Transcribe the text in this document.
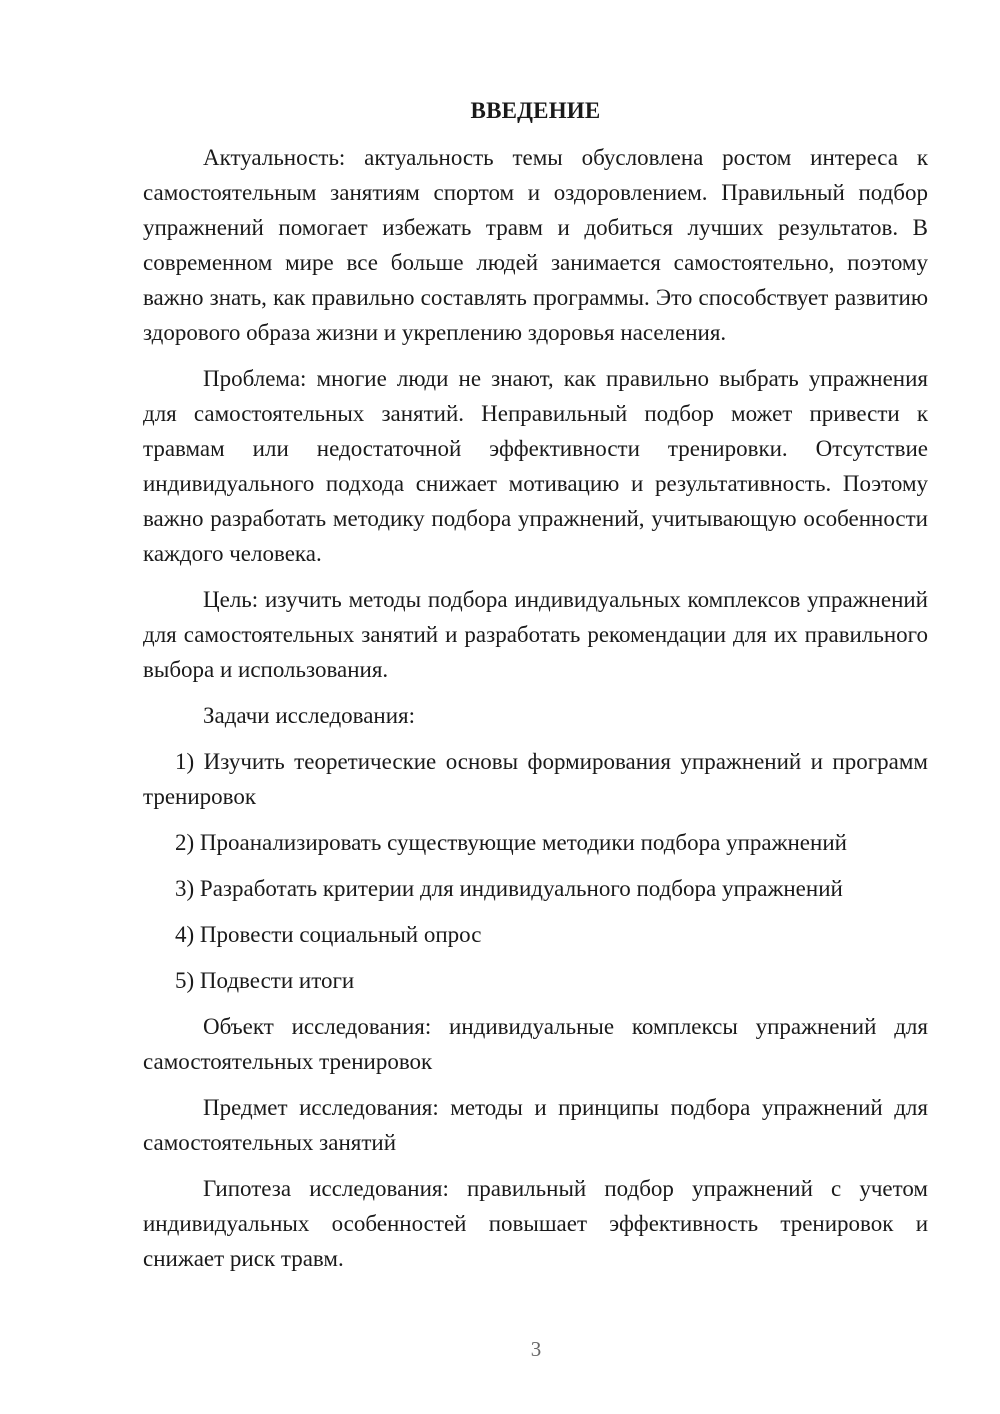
ВВЕДЕНИЕ

Актуальность: актуальность темы обусловлена ростом интереса к самостоятельным занятиям спортом и оздоровлением. Правильный подбор упражнений помогает избежать травм и добиться лучших результатов. В современном мире все больше людей занимается самостоятельно, поэтому важно знать, как правильно составлять программы. Это способствует развитию здорового образа жизни и укреплению здоровья населения.

Проблема: многие люди не знают, как правильно выбрать упражнения для самостоятельных занятий. Неправильный подбор может привести к травмам или недостаточной эффективности тренировки. Отсутствие индивидуального подхода снижает мотивацию и результативность. Поэтому важно разработать методику подбора упражнений, учитывающую особенности каждого человека.

Цель: изучить методы подбора индивидуальных комплексов упражнений для самостоятельных занятий и разработать рекомендации для их правильного выбора и использования.

Задачи исследования:

1) Изучить теоретические основы формирования упражнений и программ тренировок

2) Проанализировать существующие методики подбора упражнений

3) Разработать критерии для индивидуального подбора упражнений

4) Провести социальный опрос

5) Подвести итоги

Объект исследования: индивидуальные комплексы упражнений для самостоятельных тренировок

Предмет исследования: методы и принципы подбора упражнений для самостоятельных занятий

Гипотеза исследования: правильный подбор упражнений с учетом индивидуальных особенностей повышает эффективность тренировок и снижает риск травм.

3
